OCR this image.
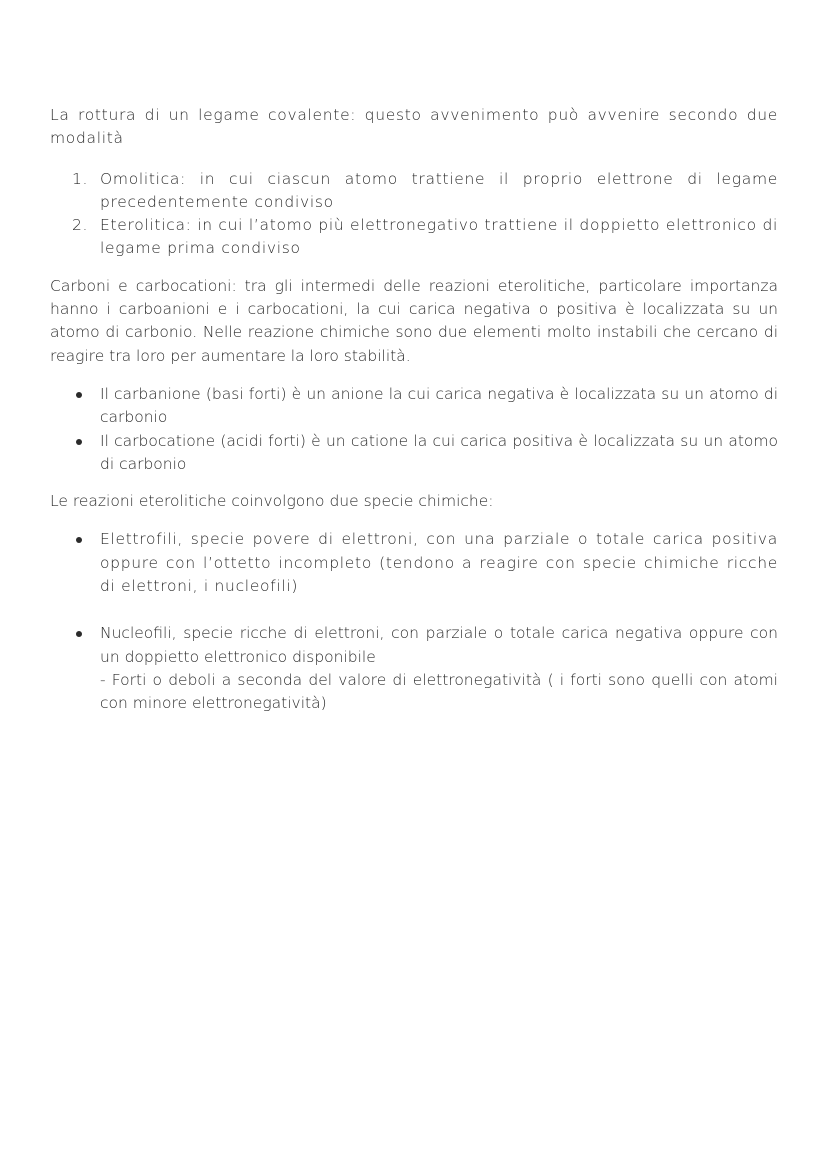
La rottura di un legame covalente: questo avvenimento può avvenire secondo due modalità

1. Omolitica: in cui ciascun atomo trattiene il proprio elettrone di legame precedentemente condiviso
2. Eterolitica: in cui l’atomo più elettronegativo trattiene il doppietto elettronico di legame prima condiviso

Carboni e carbocationi: tra gli intermedi delle reazioni eterolitiche, particolare importanza hanno i carboanioni e i carbocationi, la cui carica negativa o positiva è localizzata su un atomo di carbonio. Nelle reazione chimiche sono due elementi molto instabili che cercano di reagire tra loro per aumentare la loro stabilità.

Il carbanione (basi forti) è un anione la cui carica negativa è localizzata su un atomo di carbonio
Il carbocatione (acidi forti) è un catione la cui carica positiva è localizzata su un atomo di carbonio

Le reazioni eterolitiche coinvolgono due specie chimiche:

Elettrofili, specie povere di elettroni, con una parziale o totale carica positiva oppure con l’ottetto incompleto (tendono a reagire con specie chimiche ricche di elettroni, i nucleofili)
Nucleofili, specie ricche di elettroni, con parziale o totale carica negativa oppure con un doppietto elettronico disponibile
- Forti o deboli a seconda del valore di elettronegatività ( i forti sono quelli con atomi con minore elettronegatività)
